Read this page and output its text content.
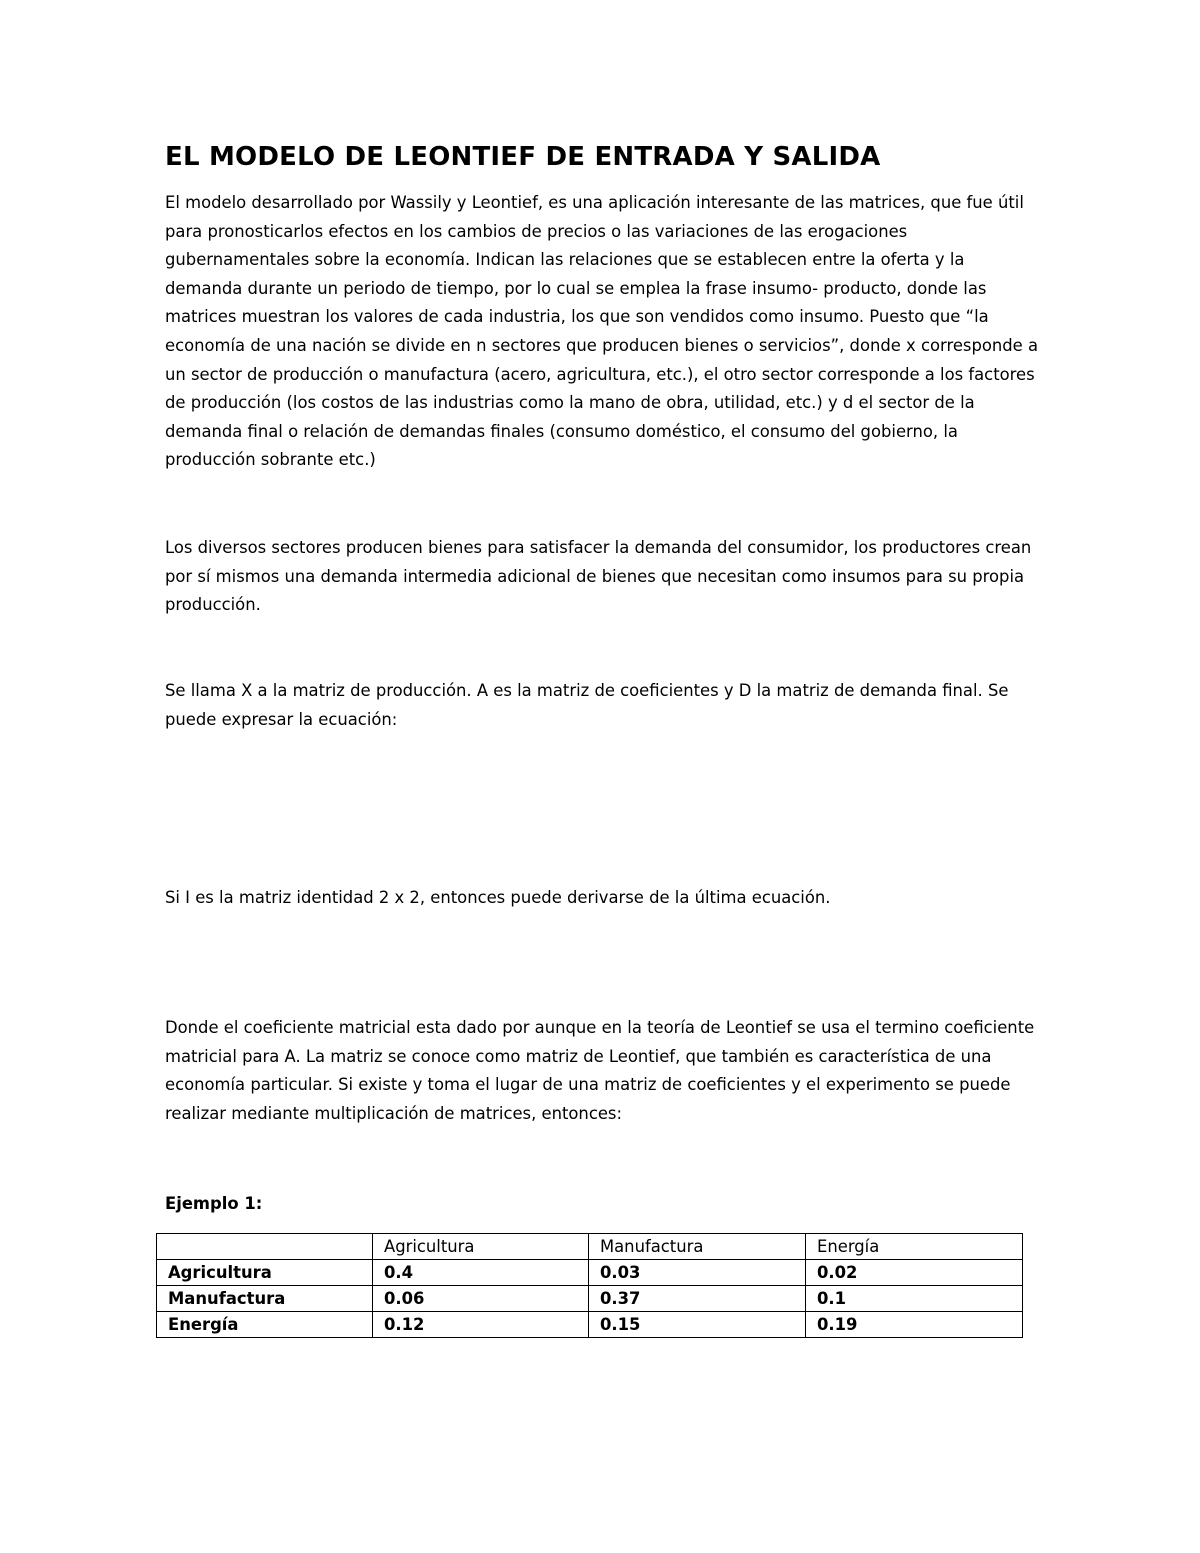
EL MODELO DE LEONTIEF DE ENTRADA Y SALIDA

El modelo desarrollado por Wassily y Leontief, es una aplicación interesante de las matrices, que fue útil para pronosticarlos efectos en los cambios de precios o las variaciones de las erogaciones gubernamentales sobre la economía. Indican las relaciones que se establecen entre la oferta y la demanda durante un periodo de tiempo, por lo cual se emplea la frase insumo- producto, donde las matrices muestran los valores de cada industria, los que son vendidos como insumo. Puesto que “la economía de una nación se divide en n sectores que producen bienes o servicios”, donde x corresponde a un sector de producción o manufactura (acero, agricultura, etc.), el otro sector corresponde a los factores de producción (los costos de las industrias como la mano de obra, utilidad, etc.) y d el sector de la demanda final o relación de demandas finales (consumo doméstico, el consumo del gobierno, la producción sobrante etc.)

Los diversos sectores producen bienes para satisfacer la demanda del consumidor, los productores crean por sí mismos una demanda intermedia adicional de bienes que necesitan como insumos para su propia producción.

Se llama X a la matriz de producción. A es la matriz de coeficientes y D la matriz de demanda final. Se puede expresar la ecuación:

Si I es la matriz identidad 2 x 2, entonces puede derivarse de la última ecuación.

Donde el coeficiente matricial esta dado por aunque en la teoría de Leontief se usa el termino coeficiente matricial para A. La matriz se conoce como matriz de Leontief, que también es característica de una economía particular. Si existe y toma el lugar de una matriz de coeficientes y el experimento se puede realizar mediante multiplicación de matrices, entonces:

Ejemplo 1:

	Agricultura	Manufactura	Energía
Agricultura	0.4	0.03	0.02
Manufactura	0.06	0.37	0.1
Energía	0.12	0.15	0.19
